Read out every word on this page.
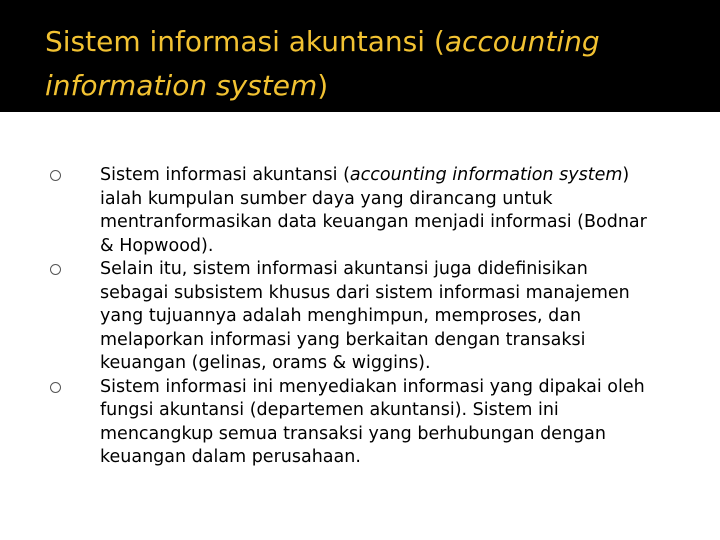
Sistem informasi akuntansi (accounting information system)
Sistem informasi akuntansi (accounting information system) ialah kumpulan sumber daya yang dirancang untuk mentranformasikan data keuangan menjadi informasi (Bodnar & Hopwood).
Selain itu, sistem informasi akuntansi juga didefinisikan sebagai subsistem khusus dari sistem informasi manajemen yang tujuannya adalah menghimpun, memproses, dan melaporkan informasi yang berkaitan dengan transaksi keuangan (gelinas, orams & wiggins).
Sistem informasi ini menyediakan informasi yang dipakai oleh fungsi akuntansi (departemen akuntansi). Sistem ini mencangkup semua transaksi yang berhubungan dengan keuangan dalam perusahaan.
